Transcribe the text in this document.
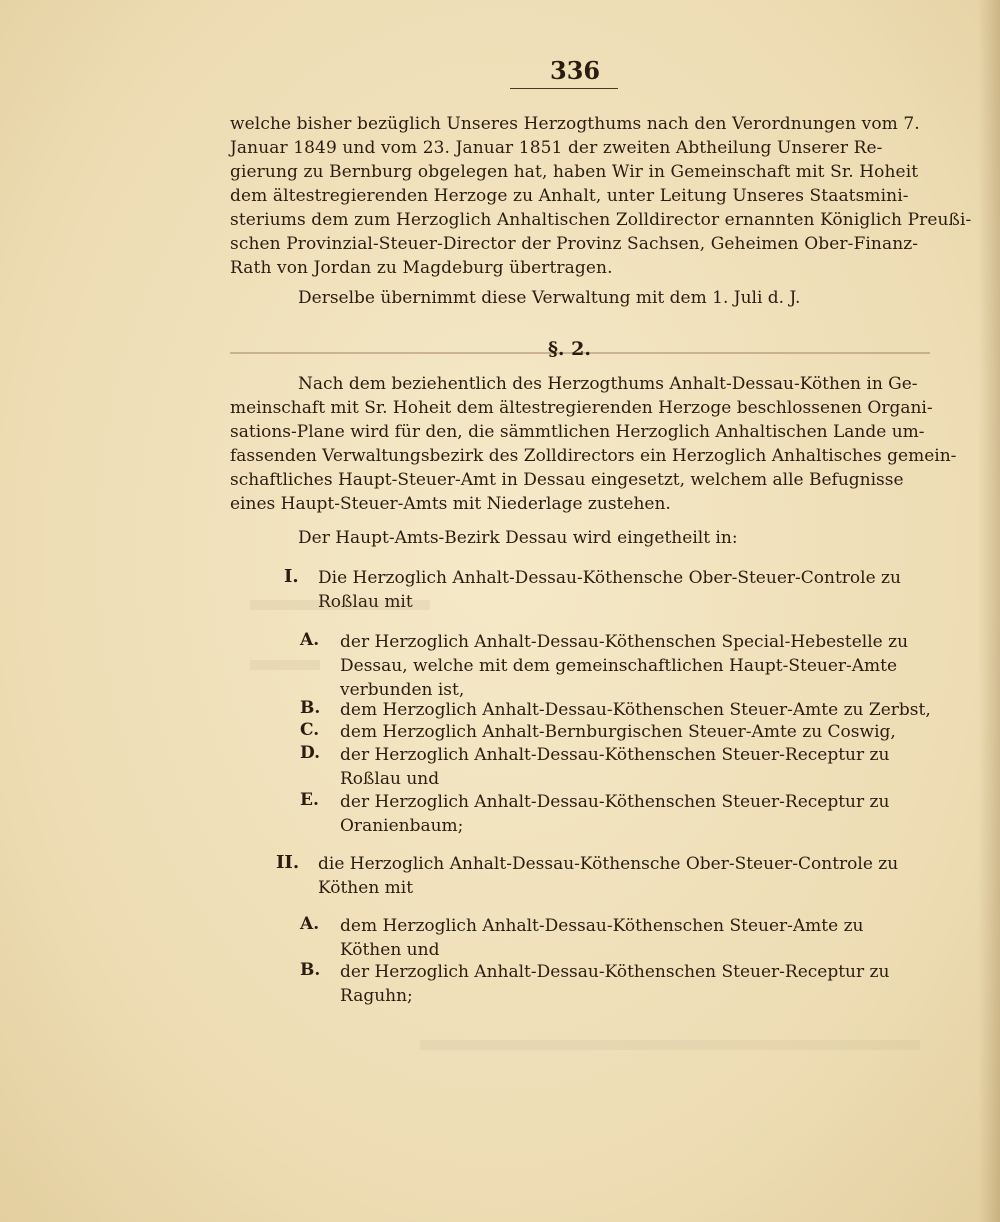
336
welche bisher bezüglich Unseres Herzogthums nach den Verordnungen vom 7.
Januar 1849 und vom 23. Januar 1851 der zweiten Abtheilung Unserer Re-
gierung zu Bernburg obgelegen hat, haben Wir in Gemeinschaft mit Sr. Hoheit
dem ältestregierenden Herzoge zu Anhalt, unter Leitung Unseres Staatsmini-
steriums dem zum Herzoglich Anhaltischen Zolldirector ernannten Königlich Preußi-
schen Provinzial-Steuer-Director der Provinz Sachsen, Geheimen Ober-Finanz-
Rath von Jordan zu Magdeburg übertragen.
Derselbe übernimmt diese Verwaltung mit dem 1. Juli d. J.
§. 2.
Nach dem beziehentlich des Herzogthums Anhalt-Dessau-Köthen in Ge-
meinschaft mit Sr. Hoheit dem ältestregierenden Herzoge beschlossenen Organi-
sations-Plane wird für den, die sämmtlichen Herzoglich Anhaltischen Lande um-
fassenden Verwaltungsbezirk des Zolldirectors ein Herzoglich Anhaltisches gemein-
schaftliches Haupt-Steuer-Amt in Dessau eingesetzt, welchem alle Befugnisse
eines Haupt-Steuer-Amts mit Niederlage zustehen.
Der Haupt-Amts-Bezirk Dessau wird eingetheilt in:
I. Die Herzoglich Anhalt-Dessau-Köthensche Ober-Steuer-Controle zu
Roßlau mit
A. der Herzoglich Anhalt-Dessau-Köthenschen Special-Hebestelle zu
Dessau, welche mit dem gemeinschaftlichen Haupt-Steuer-Amte
verbunden ist,
B. dem Herzoglich Anhalt-Dessau-Köthenschen Steuer-Amte zu Zerbst,
C. dem Herzoglich Anhalt-Bernburgischen Steuer-Amte zu Coswig,
D. der Herzoglich Anhalt-Dessau-Köthenschen Steuer-Receptur zu
Roßlau und
E. der Herzoglich Anhalt-Dessau-Köthenschen Steuer-Receptur zu
Oranienbaum;
II. die Herzoglich Anhalt-Dessau-Köthensche Ober-Steuer-Controle zu
Köthen mit
A. dem Herzoglich Anhalt-Dessau-Köthenschen Steuer-Amte zu
Köthen und
B. der Herzoglich Anhalt-Dessau-Köthenschen Steuer-Receptur zu
Raguhn;
